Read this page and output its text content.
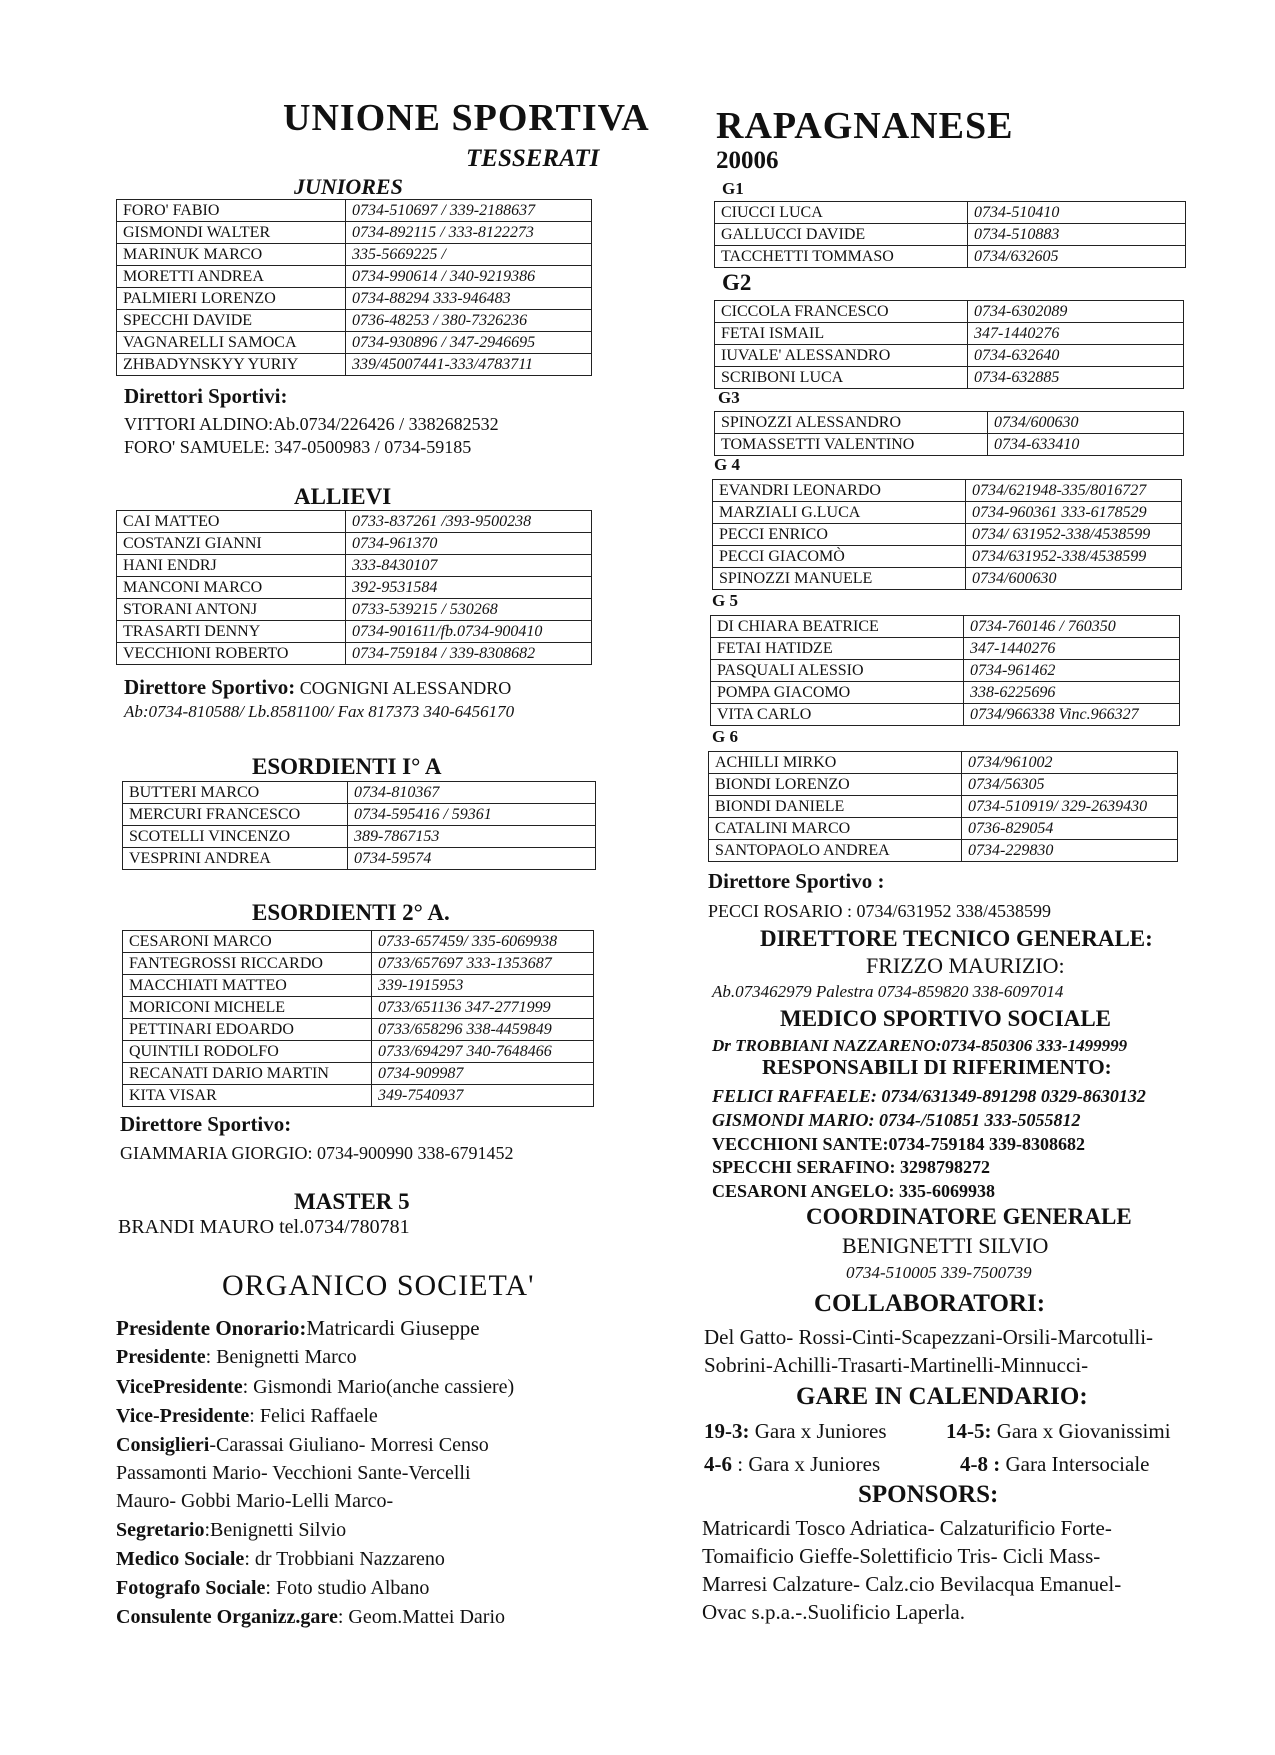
UNIONE SPORTIVA RAPAGNANESE
TESSERATI	20006
JUNIORES
FORO' FABIO	0734-510697 / 339-2188637
GISMONDI WALTER	0734-892115 / 333-8122273
MARINUK MARCO	335-5669225 /
MORETTI ANDREA	0734-990614 / 340-9219386
PALMIERI LORENZO	0734-88294 333-946483
SPECCHI DAVIDE	0736-48253 / 380-7326236
VAGNARELLI SAMOCA	0734-930896 / 347-2946695
ZHBADYNSKYY YURIY	339/45007441-333/4783711
Direttori Sportivi:
VITTORI ALDINO:Ab.0734/226426 / 3382682532
FORO' SAMUELE: 347-0500983 / 0734-59185
ALLIEVI
CAI MATTEO	0733-837261 /393-9500238
COSTANZI GIANNI	0734-961370
HANI ENDRJ	333-8430107
MANCONI MARCO	392-9531584
STORANI ANTONJ	0733-539215 / 530268
TRASARTI DENNY	0734-901611/fb.0734-900410
VECCHIONI ROBERTO	0734-759184 / 339-8308682
Direttore Sportivo: COGNIGNI ALESSANDRO
Ab:0734-810588/ Lb.8581100/ Fax 817373 340-6456170
ESORDIENTI I° A
BUTTERI MARCO	0734-810367
MERCURI FRANCESCO	0734-595416 / 59361
SCOTELLI VINCENZO	389-7867153
VESPRINI ANDREA	0734-59574
ESORDIENTI 2° A.
CESARONI MARCO	0733-657459/ 335-6069938
FANTEGROSSI RICCARDO	0733/657697 333-1353687
MACCHIATI MATTEO	339-1915953
MORICONI MICHELE	0733/651136 347-2771999
PETTINARI EDOARDO	0733/658296 338-4459849
QUINTILI RODOLFO	0733/694297 340-7648466
RECANATI DARIO MARTIN	0734-909987
KITA VISAR	349-7540937
Direttore Sportivo:
GIAMMARIA GIORGIO: 0734-900990 338-6791452
MASTER 5
BRANDI MAURO tel.0734/780781
ORGANICO SOCIETA'
Presidente Onorario:Matricardi Giuseppe
Presidente: Benignetti Marco
VicePresidente: Gismondi Mario(anche cassiere)
Vice-Presidente: Felici Raffaele
Consiglieri-Carassai Giuliano- Morresi Censo
Passamonti Mario- Vecchioni Sante-Vercelli
Mauro- Gobbi Mario-Lelli Marco-
Segretario:Benignetti Silvio
Medico Sociale: dr Trobbiani Nazzareno
Fotografo Sociale: Foto studio Albano
Consulente Organizz.gare: Geom.Mattei Dario
G1
CIUCCI LUCA	0734-510410
GALLUCCI DAVIDE	0734-510883
TACCHETTI TOMMASO	0734/632605
G2
CICCOLA FRANCESCO	0734-6302089
FETAI ISMAIL	347-1440276
IUVALE' ALESSANDRO	0734-632640
SCRIBONI LUCA	0734-632885
G3
SPINOZZI ALESSANDRO	0734/600630
TOMASSETTI VALENTINO	0734-633410
G 4
EVANDRI LEONARDO	0734/621948-335/8016727
MARZIALI G.LUCA	0734-960361 333-6178529
PECCI ENRICO	0734/ 631952-338/4538599
PECCI GIACOMÒ	0734/631952-338/4538599
SPINOZZI MANUELE	0734/600630
G 5
DI CHIARA BEATRICE	0734-760146 / 760350
FETAI HATIDZE	347-1440276
PASQUALI ALESSIO	0734-961462
POMPA GIACOMO	338-6225696
VITA CARLO	0734/966338 Vinc.966327
G 6
ACHILLI MIRKO	0734/961002
BIONDI LORENZO	0734/56305
BIONDI DANIELE	0734-510919/ 329-2639430
CATALINI MARCO	0736-829054
SANTOPAOLO ANDREA	0734-229830
Direttore Sportivo :
PECCI ROSARIO : 0734/631952 338/4538599
DIRETTORE TECNICO GENERALE:
FRIZZO MAURIZIO:
Ab.073462979 Palestra 0734-859820 338-6097014
MEDICO SPORTIVO SOCIALE
Dr TROBBIANI NAZZARENO:0734-850306 333-1499999
RESPONSABILI DI RIFERIMENTO:
FELICI RAFFAELE: 0734/631349-891298 0329-8630132
GISMONDI MARIO: 0734-/510851 333-5055812
VECCHIONI SANTE:0734-759184 339-8308682
SPECCHI SERAFINO: 3298798272
CESARONI ANGELO: 335-6069938
COORDINATORE GENERALE
BENIGNETTI SILVIO
0734-510005 339-7500739
COLLABORATORI:
Del Gatto- Rossi-Cinti-Scapezzani-Orsili-Marcotulli-
Sobrini-Achilli-Trasarti-Martinelli-Minnucci-
GARE IN CALENDARIO:
19-3: Gara x Juniores	14-5: Gara x Giovanissimi
4-6 : Gara x Juniores	4-8 : Gara Intersociale
SPONSORS:
Matricardi Tosco Adriatica- Calzaturificio Forte-
Tomaificio Gieffe-Solettificio Tris- Cicli Mass-
Marresi Calzature- Calz.cio Bevilacqua Emanuel-
Ovac s.p.a.-.Suolificio Laperla.
